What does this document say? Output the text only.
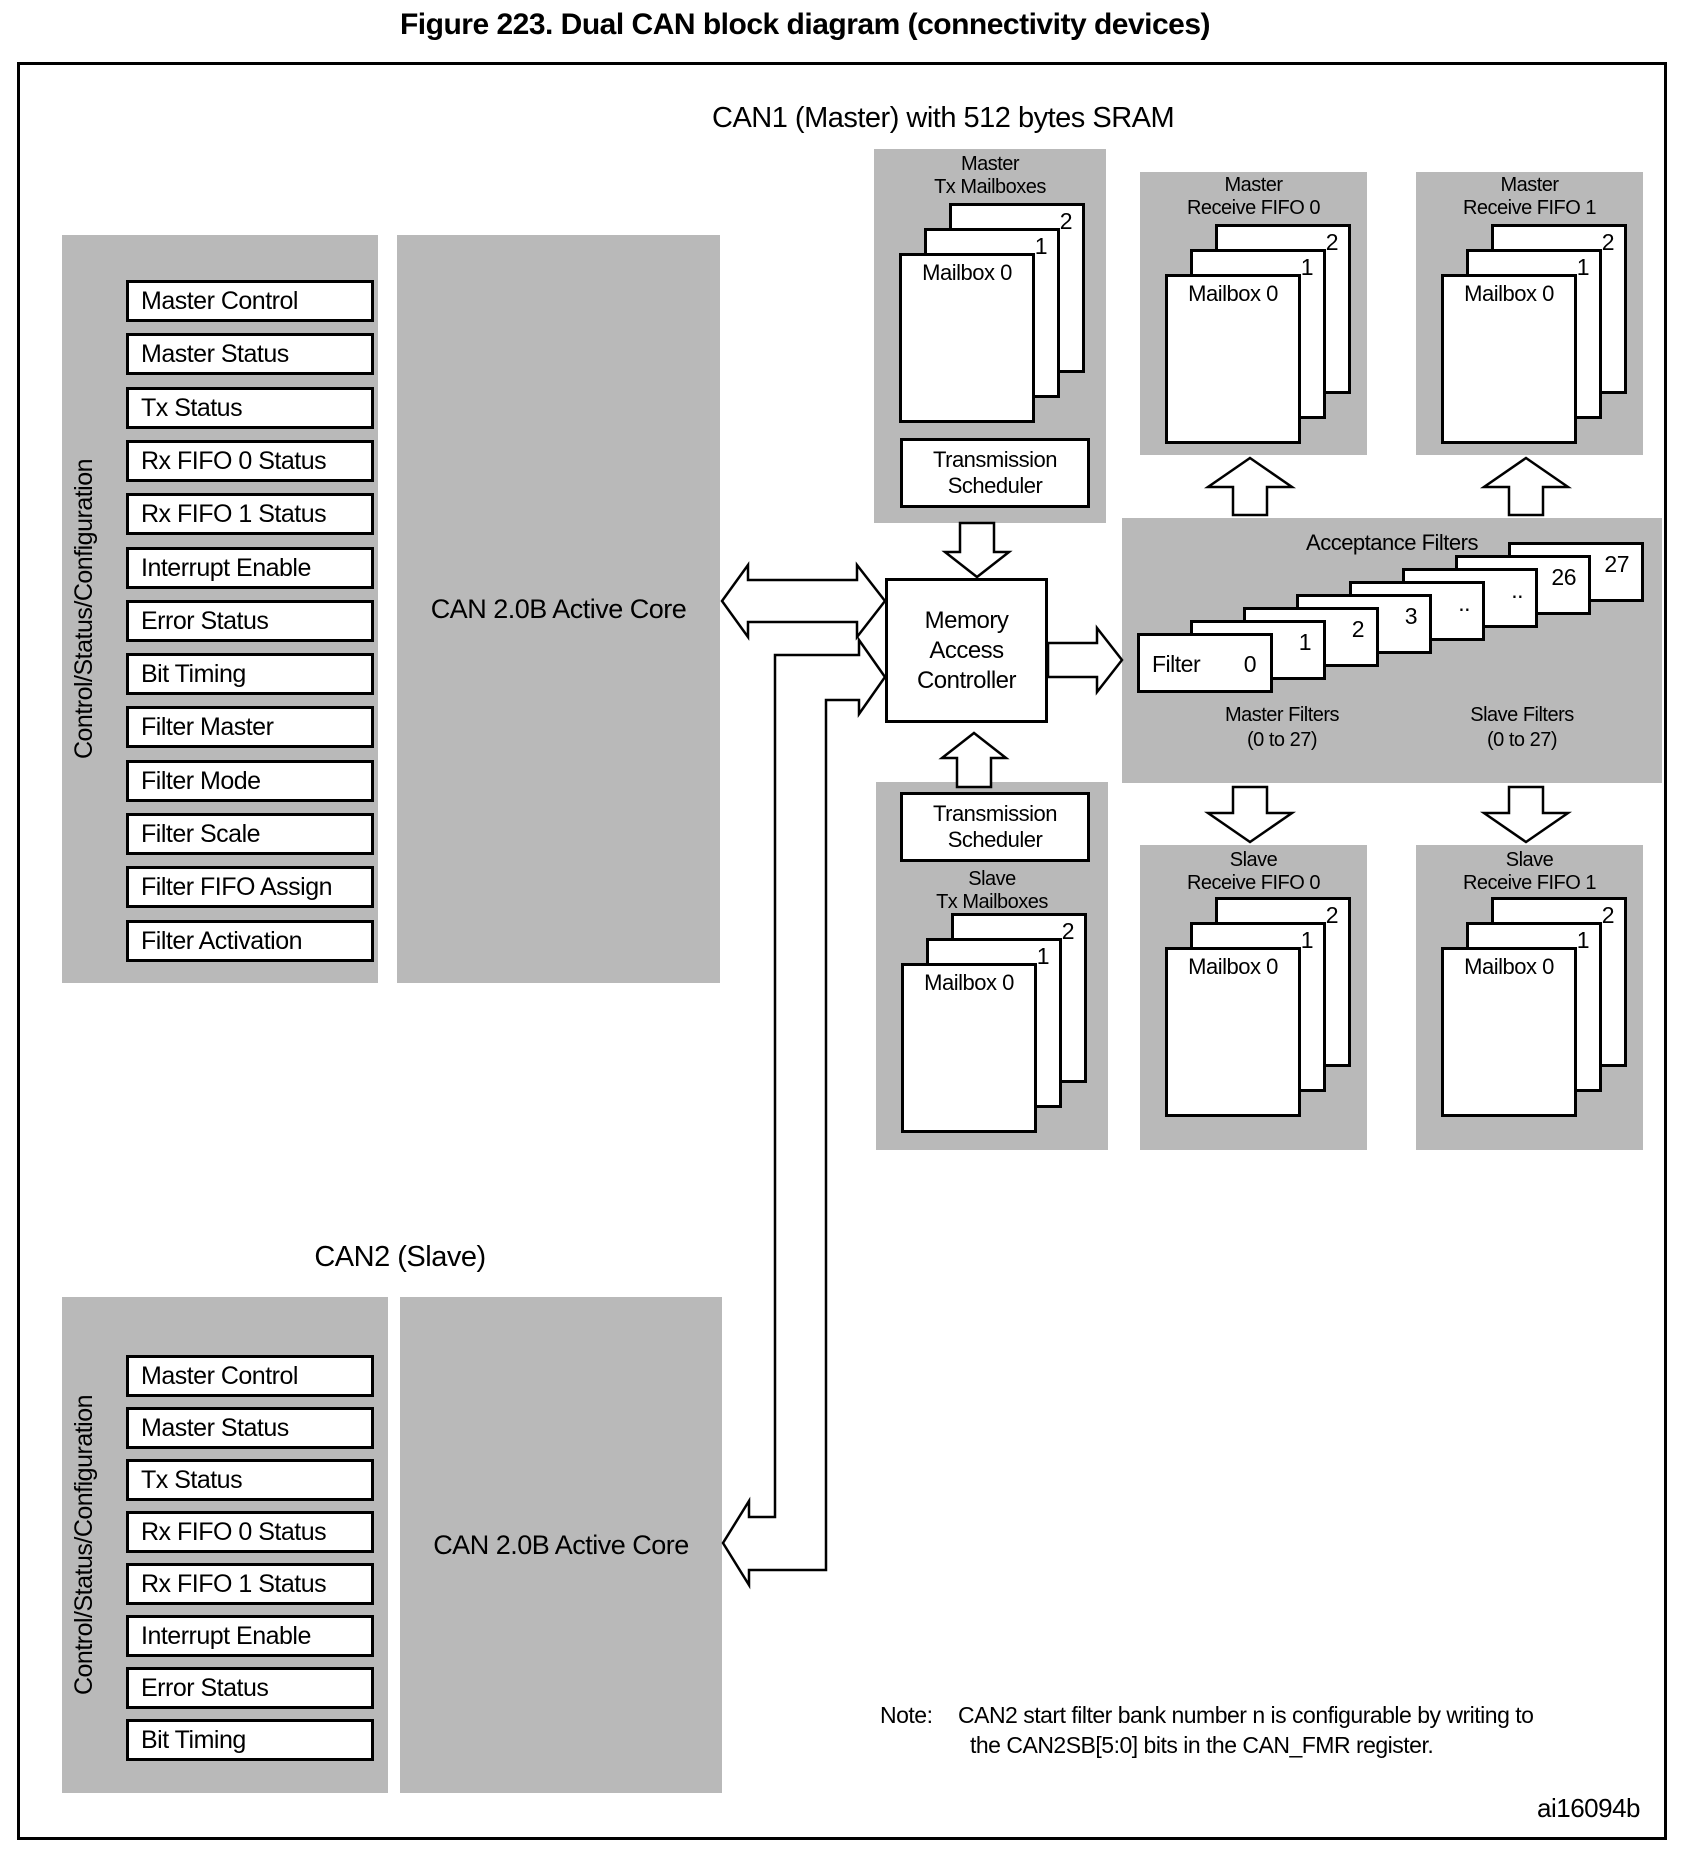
Figure 223. Dual CAN block diagram (connectivity devices)
CAN1 (Master) with 512 bytes SRAM
Control/Status/Configuration
Master Control
Master Status
Tx Status
Rx FIFO 0 Status
Rx FIFO 1 Status
Interrupt Enable
Error Status
Bit Timing
Filter Master
Filter Mode
Filter Scale
Filter FIFO Assign
Filter Activation
CAN 2.0B Active Core
Master
Tx Mailboxes
2
1
Mailbox 0
Transmission
Scheduler
Master
Receive FIFO 0
2
1
Mailbox 0
Master
Receive FIFO 1
2
1
Mailbox 0
Memory
Access
Controller
Acceptance Filters
Filter 0
1 2 3 .. .. 26 27
Master Filters
(0 to 27)
Slave Filters
(0 to 27)
Transmission
Scheduler
Slave
Tx Mailboxes
2
1
Mailbox 0
Slave
Receive FIFO 0
2
1
Mailbox 0
Slave
Receive FIFO 1
2
1
Mailbox 0
CAN2 (Slave)
Control/Status/Configuration
Master Control
Master Status
Tx Status
Rx FIFO 0 Status
Rx FIFO 1 Status
Interrupt Enable
Error Status
Bit Timing
CAN 2.0B Active Core
Note:	CAN2 start filter bank number n is configurable by writing to
the CAN2SB[5:0] bits in the CAN_FMR register.
ai16094b
